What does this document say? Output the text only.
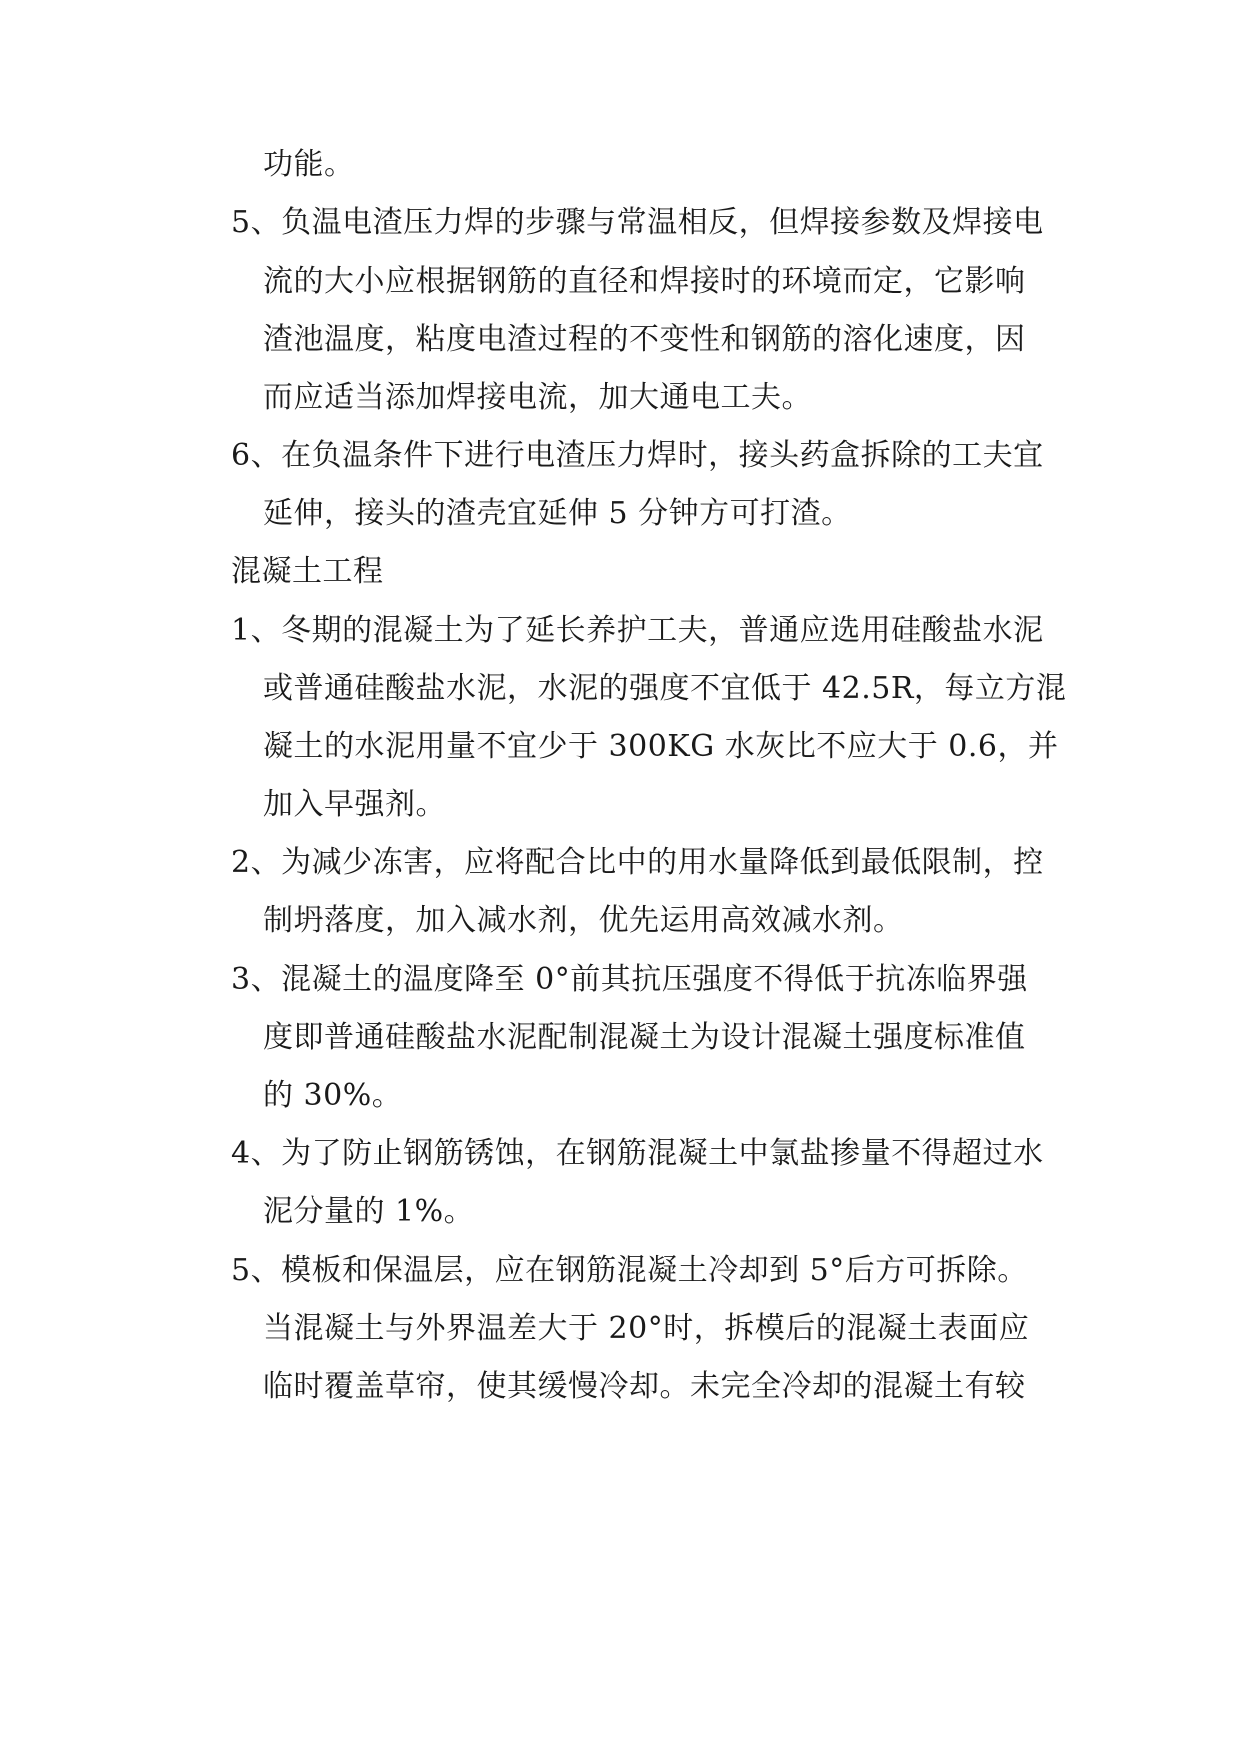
功能。
5、负温电渣压力焊的步骤与常温相反，但焊接参数及焊接电
流的大小应根据钢筋的直径和焊接时的环境而定，它影响
渣池温度，粘度电渣过程的不变性和钢筋的溶化速度，因
而应适当添加焊接电流，加大通电工夫。
6、在负温条件下进行电渣压力焊时，接头药盒拆除的工夫宜
延伸，接头的渣壳宜延伸 5 分钟方可打渣。
混凝土工程
1、冬期的混凝土为了延长养护工夫，普通应选用硅酸盐水泥
或普通硅酸盐水泥，水泥的强度不宜低于 42.5R，每立方混
凝土的水泥用量不宜少于 300KG 水灰比不应大于 0.6，并
加入早强剂。
2、为减少冻害，应将配合比中的用水量降低到最低限制，控
制坍落度，加入减水剂，优先运用高效减水剂。
3、混凝土的温度降至 0°前其抗压强度不得低于抗冻临界强
度即普通硅酸盐水泥配制混凝土为设计混凝土强度标准值
的 30%。
4、为了防止钢筋锈蚀，在钢筋混凝土中氯盐掺量不得超过水
泥分量的 1%。
5、模板和保温层，应在钢筋混凝土冷却到 5°后方可拆除。
当混凝土与外界温差大于 20°时，拆模后的混凝土表面应
临时覆盖草帘，使其缓慢冷却。未完全冷却的混凝土有较
